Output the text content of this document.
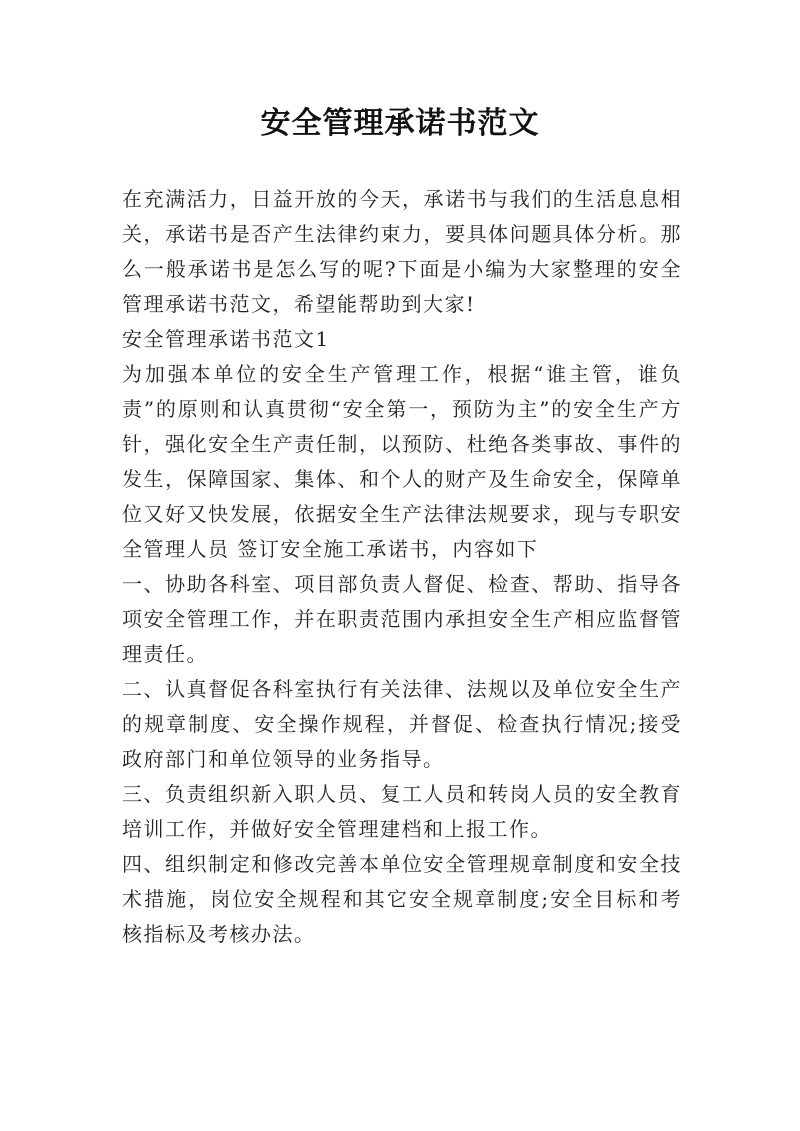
安全管理承诺书范文

在充满活力，日益开放的今天，承诺书与我们的生活息息相关，承诺书是否产生法律约束力，要具体问题具体分析。那么一般承诺书是怎么写的呢?下面是小编为大家整理的安全管理承诺书范文，希望能帮助到大家!

安全管理承诺书范文1

为加强本单位的安全生产管理工作，根据“谁主管，谁负责”的原则和认真贯彻“安全第一，预防为主”的安全生产方针，强化安全生产责任制，以预防、杜绝各类事故、事件的发生，保障国家、集体、和个人的财产及生命安全，保障单位又好又快发展，依据安全生产法律法规要求，现与专职安全管理人员 签订安全施工承诺书，内容如下

一、协助各科室、项目部负责人督促、检查、帮助、指导各项安全管理工作，并在职责范围内承担安全生产相应监督管理责任。

二、认真督促各科室执行有关法律、法规以及单位安全生产的规章制度、安全操作规程，并督促、检查执行情况;接受政府部门和单位领导的业务指导。

三、负责组织新入职人员、复工人员和转岗人员的安全教育培训工作，并做好安全管理建档和上报工作。

四、组织制定和修改完善本单位安全管理规章制度和安全技术措施，岗位安全规程和其它安全规章制度;安全目标和考核指标及考核办法。
